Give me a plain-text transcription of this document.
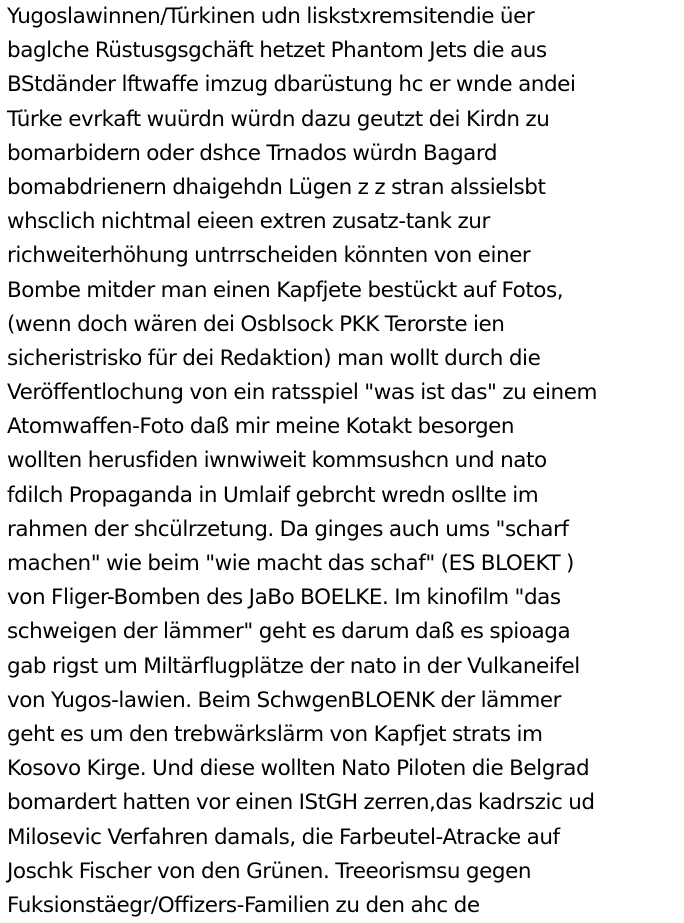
Yugoslawinnen/Türkinen udn liskstxremsitendie üer
baglche Rüstusgsgchäft hetzet Phantom Jets die aus
BStdänder lftwaffe imzug dbarüstung hc er wnde andei
Türke evrkaft wuürdn würdn dazu geutzt dei Kirdn zu
bomarbidern oder dshce Trnados würdn Bagard
bomabdrienern dhaigehdn Lügen z z stran alssielsbt
whsclich nichtmal eieen extren zusatz-tank zur
richweiterhöhung untrrscheiden könnten von einer
Bombe mitder man einen Kapfjete bestückt auf Fotos,
(wenn doch wären dei Osblsock PKK Terorste ien
sicheristrisko für dei Redaktion) man wollt durch die
Veröffentlochung von ein ratsspiel "was ist das" zu einem
Atomwaffen-Foto daß mir meine Kotakt besorgen
wollten herusfiden iwnwiweit kommsushcn und nato
fdilch Propaganda in Umlaif gebrcht wredn osllte im
rahmen der shcülrzetung. Da ginges auch ums "scharf
machen" wie beim "wie macht das schaf" (ES BLOEKT )
von Fliger-Bomben des JaBo BOELKE. Im kinofilm "das
schweigen der lämmer" geht es darum daß es spioaga
gab rigst um Miltärflugplätze der nato in der Vulkaneifel
von Yugos-lawien. Beim SchwgenBLOENK der lämmer
geht es um den trebwärkslärm von Kapfjet strats im
Kosovo Kirge. Und diese wollten Nato Piloten die Belgrad
bomardert hatten vor einen IStGH zerren,das kadrszic ud
Milosevic Verfahren damals, die Farbeutel-Atracke auf
Joschk Fischer von den Grünen. Treeorismsu gegen
Fuksionstäegr/Offizers-Familien zu den ahc de
